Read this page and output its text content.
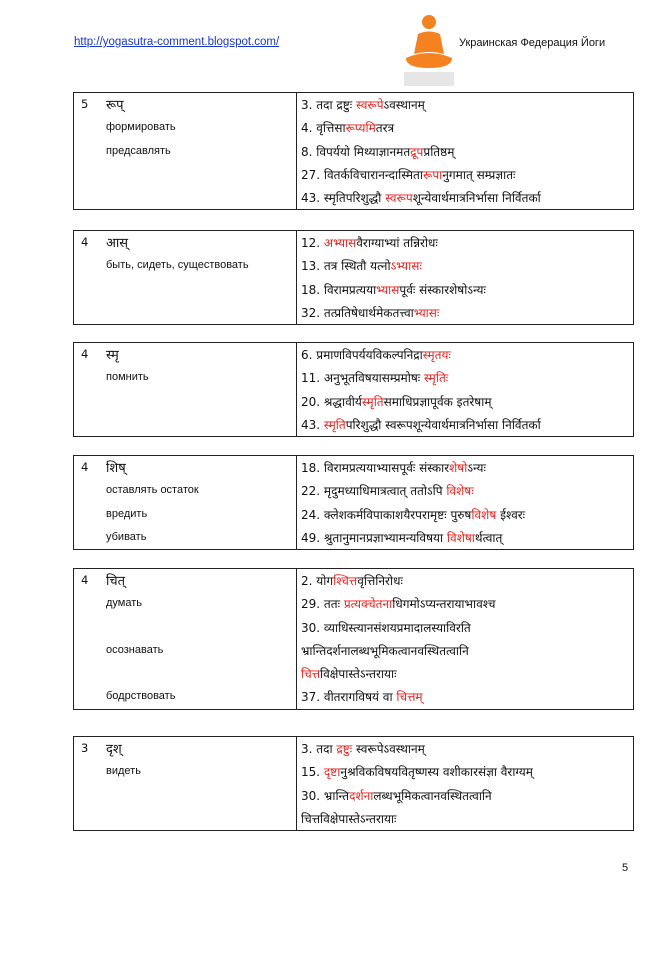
http://yogasutra-comment.blogspot.com/	Украинская Федерация Йоги
5 रूप्	3. तदा द्रष्टुः स्वरूपेऽवस्थानम्
формировать	4. वृत्तिसारूप्यमितरत्र
предсавлять	8. विपर्ययो मिथ्याज्ञानमतद्रूपप्रतिष्ठम्
27. वितर्कविचारानन्दास्मितारूपानुगमात् सम्प्रज्ञातः
43. स्मृतिपरिशुद्धौ स्वरूपशून्येवार्थमात्रनिर्भासा निर्वितर्का
4 आस्	12. अभ्यासवैराग्याभ्यां तन्निरोधः
быть, сидеть, существовать	13. तत्र स्थितौ यत्नोऽभ्यासः
18. विरामप्रत्ययाभ्यासपूर्वः संस्कारशेषोऽन्यः
32. तत्प्रतिषेधार्थमेकतत्त्वाभ्यासः
4 स्मृ	6. प्रमाणविपर्ययविकल्पनिद्रास्मृतयः
помнить	11. अनुभूतविषयासम्प्रमोषः स्मृतिः
20. श्रद्धावीर्यस्मृतिसमाधिप्रज्ञापूर्वक इतरेषाम्
43. स्मृतिपरिशुद्धौ स्वरूपशून्येवार्थमात्रनिर्भासा निर्वितर्का
4 शिष्	18. विरामप्रत्ययाभ्यासपूर्वः संस्कारशेषोऽन्यः
оставлять остаток	22. मृदुमध्याधिमात्रत्वात् ततोऽपि विशेषः
вредить	24. क्लेशकर्मविपाकाशयैरपरामृष्टः पुरुषविशेष ईश्वरः
убивать	49. श्रुतानुमानप्रज्ञाभ्यामन्यविषया विशेषार्थत्वात्
4 चित्	2. योगश्चित्तवृत्तिनिरोधः
думать	29. ततः प्रत्यक्चेतनाधिगमोऽप्यन्तरायाभावश्च
30. व्याधिस्त्यानसंशयप्रमादालस्याविरति
осознавать	भ्रान्तिदर्शनालब्धभूमिकत्वानवस्थितत्वानि
चित्तविक्षेपास्तेऽन्तरायाः
бодрствовать	37. वीतरागविषयं वा चित्तम्
3 दृश्	3. तदा द्रष्टुः स्वरूपेऽवस्थानम्
видеть	15. दृष्टानुश्रविकविषयवितृष्णस्य वशीकारसंज्ञा वैराग्यम्
30. भ्रान्तिदर्शनालब्धभूमिकत्वानवस्थितत्वानि
चित्तविक्षेपास्तेऽन्तरायाः
5
